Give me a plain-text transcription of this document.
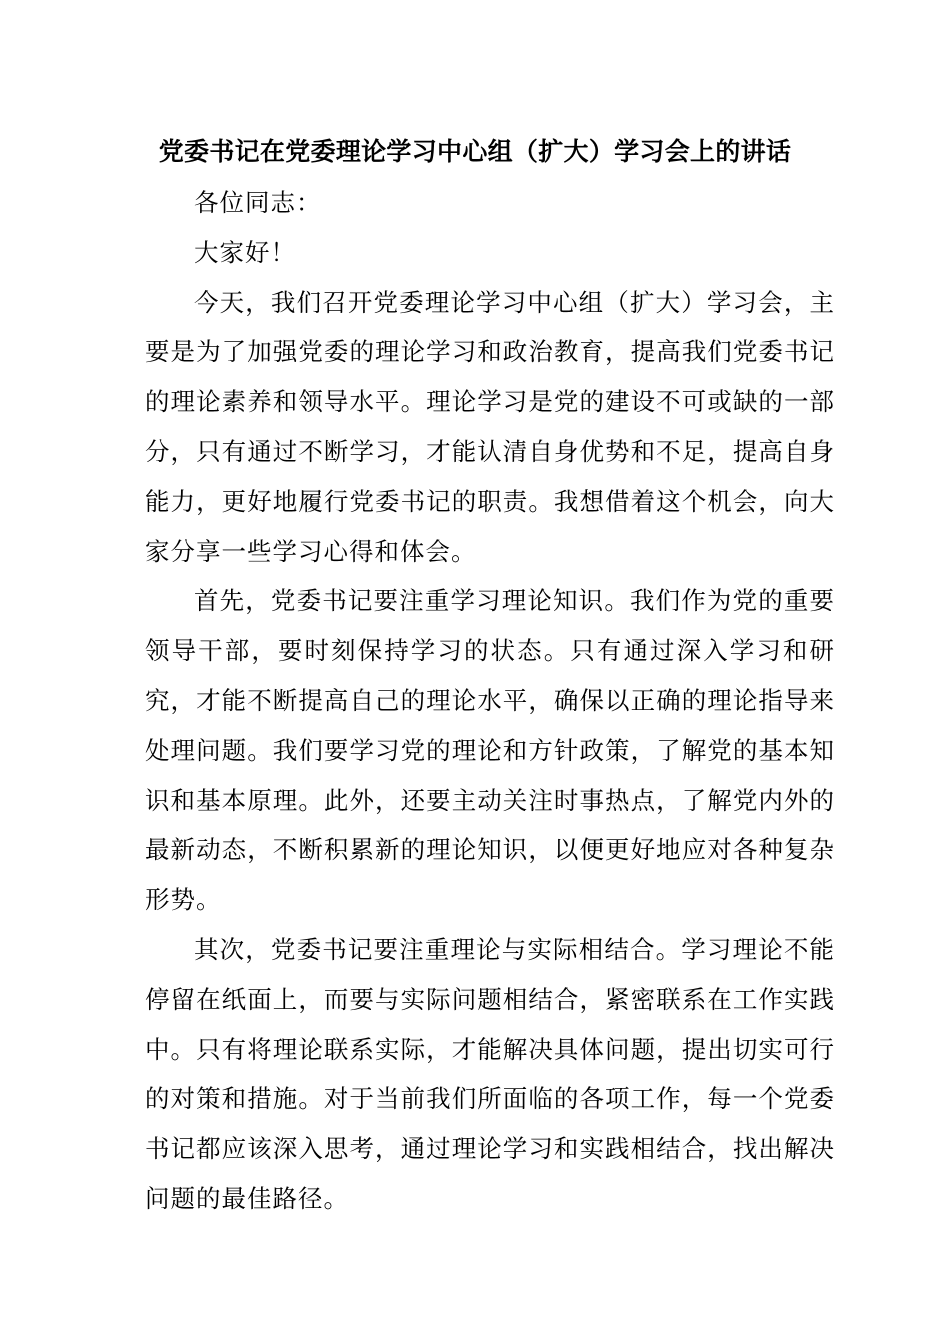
党委书记在党委理论学习中心组（扩大）学习会上的讲话

各位同志：

大家好！

今天，我们召开党委理论学习中心组（扩大）学习会，主要是为了加强党委的理论学习和政治教育，提高我们党委书记的理论素养和领导水平。理论学习是党的建设不可或缺的一部分，只有通过不断学习，才能认清自身优势和不足，提高自身能力，更好地履行党委书记的职责。我想借着这个机会，向大家分享一些学习心得和体会。

首先，党委书记要注重学习理论知识。我们作为党的重要领导干部，要时刻保持学习的状态。只有通过深入学习和研究，才能不断提高自己的理论水平，确保以正确的理论指导来处理问题。我们要学习党的理论和方针政策，了解党的基本知识和基本原理。此外，还要主动关注时事热点，了解党内外的最新动态，不断积累新的理论知识，以便更好地应对各种复杂形势。

其次，党委书记要注重理论与实际相结合。学习理论不能停留在纸面上，而要与实际问题相结合，紧密联系在工作实践中。只有将理论联系实际，才能解决具体问题，提出切实可行的对策和措施。对于当前我们所面临的各项工作，每一个党委书记都应该深入思考，通过理论学习和实践相结合，找出解决问题的最佳路径。
